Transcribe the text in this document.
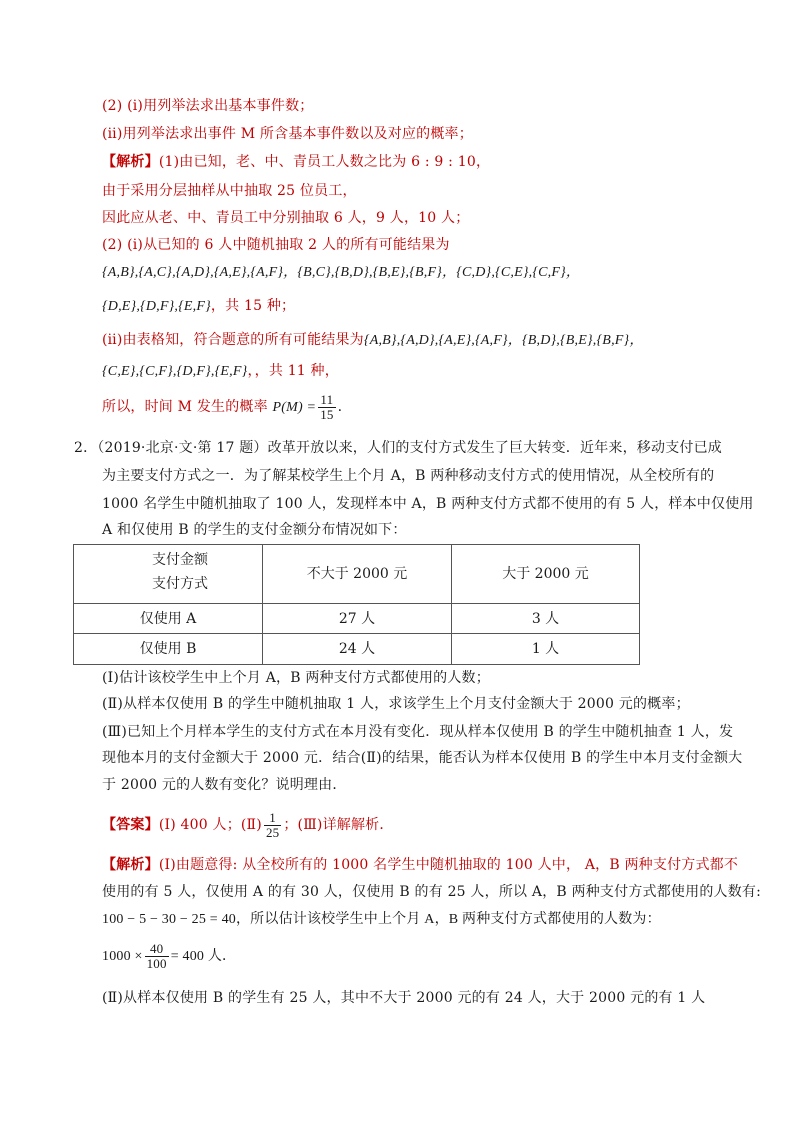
(2) (ⅰ)用列举法求出基本事件数；
(ⅱ)用列举法求出事件 M 所含基本事件数以及对应的概率；
【解析】(1)由已知，老、中、青员工人数之比为 6 : 9 : 10，
由于采用分层抽样从中抽取 25 位员工，
因此应从老、中、青员工中分别抽取 6 人，9 人，10 人；
(2) (ⅰ)从已知的 6 人中随机抽取 2 人的所有可能结果为
{A,B},{A,C},{A,D},{A,E},{A,F}，{B,C},{B,D},{B,E},{B,F}，{C,D},{C,E},{C,F}，
{D,E},{D,F},{E,F}，共 15 种；
(ⅱ)由表格知，符合题意的所有可能结果为{A,B},{A,D},{A,E},{A,F}，{B,D},{B,E},{B,F}，
{C,E},{C,F},{D,F},{E,F}，，共 11 种，
所以，时间 M 发生的概率 $P(M) = \frac{11}{15}$ .
2．（2019·北京·文·第 17 题）改革开放以来，人们的支付方式发生了巨大转变．近年来，移动支付已成
为主要支付方式之一．为了解某校学生上个月 A，B 两种移动支付方式的使用情况，从全校所有的
1000 名学生中随机抽取了 100 人，发现样本中 A，B 两种支付方式都不使用的有 5 人，样本中仅使用
A 和仅使用 B 的学生的支付金额分布情况如下：
支付金额
支付方式	不大于 2000 元	大于 2000 元
仅使用 A	27 人	3 人
仅使用 B	24 人	1 人
(Ⅰ)估计该校学生中上个月 A，B 两种支付方式都使用的人数；
(Ⅱ)从样本仅使用 B 的学生中随机抽取 1 人，求该学生上个月支付金额大于 2000 元的概率；
(Ⅲ)已知上个月样本学生的支付方式在本月没有变化．现从样本仅使用 B 的学生中随机抽查 1 人，发
现他本月的支付金额大于 2000 元．结合(Ⅱ)的结果，能否认为样本仅使用 B 的学生中本月支付金额大
于 2000 元的人数有变化？说明理由．
【答案】(Ⅰ) 400 人；(Ⅱ) $\frac{1}{25}$ ；(Ⅲ)详解解析．
【解析】(Ⅰ)由题意得: 从全校所有的 1000 名学生中随机抽取的 100 人中， A，B 两种支付方式都不
使用的有 5 人，仅使用 A 的有 30 人，仅使用 B 的有 25 人，所以 A，B 两种支付方式都使用的人数有:
100 − 5 − 30 − 25 = 40，所以估计该校学生中上个月 A，B 两种支付方式都使用的人数为：
$1000 \times \frac{40}{100} = 400$ 人．
(Ⅱ)从样本仅使用 B 的学生有 25 人，其中不大于 2000 元的有 24 人，大于 2000 元的有 1 人
